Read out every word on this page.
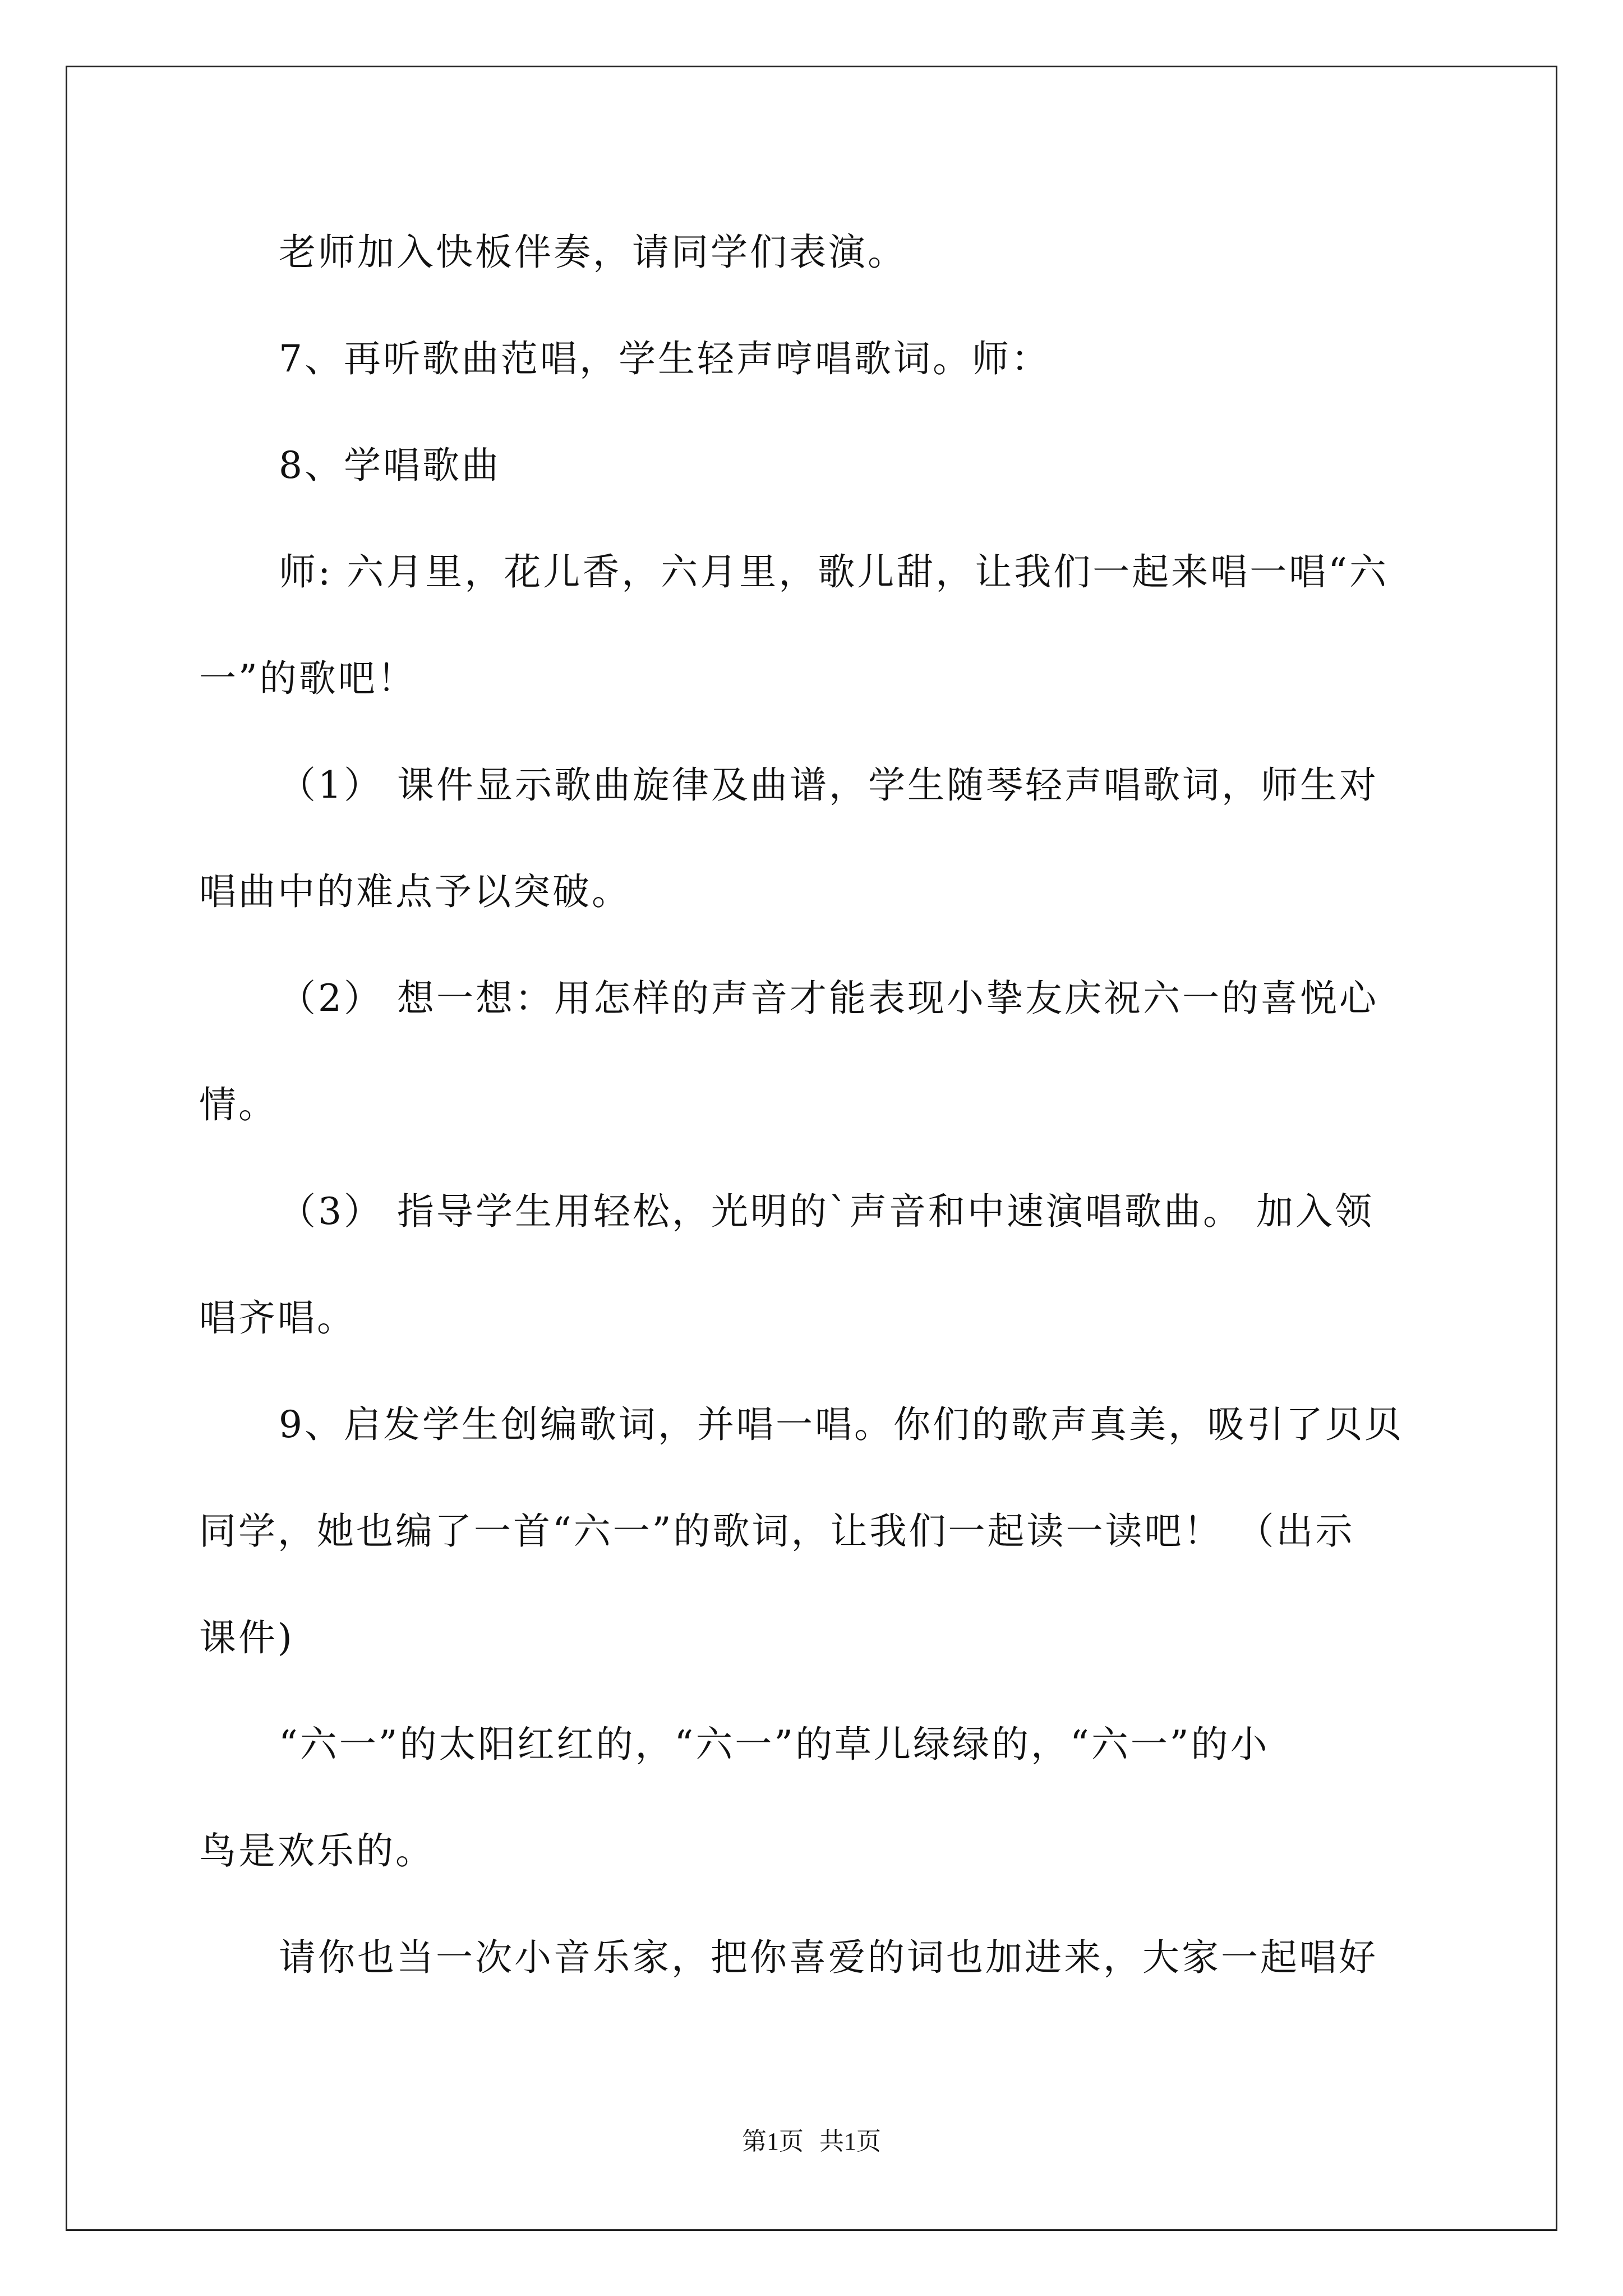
老师加入快板伴奏，请同学们表演。

7、再听歌曲范唱，学生轻声哼唱歌词。师：

8、学唱歌曲

师: 六月里，花儿香，六月里，歌儿甜，让我们一起来唱一唱“六

一”的歌吧！

（1） 课件显示歌曲旋律及曲谱，学生随琴轻声唱歌词，师生对

唱曲中的难点予以突破。

（2） 想一想：用怎样的声音才能表现小挚友庆祝六一的喜悦心

情。

（3） 指导学生用轻松，光明的`声音和中速演唱歌曲。 加入领

唱齐唱。

9、启发学生创编歌词，并唱一唱。你们的歌声真美，吸引了贝贝

同学，她也编了一首“六一”的歌词，让我们一起读一读吧！ （出示

课件)

“六一”的太阳红红的，“六一”的草儿绿绿的，“六一”的小

鸟是欢乐的。

请你也当一次小音乐家，把你喜爱的词也加进来，大家一起唱好

第1页 共1页
